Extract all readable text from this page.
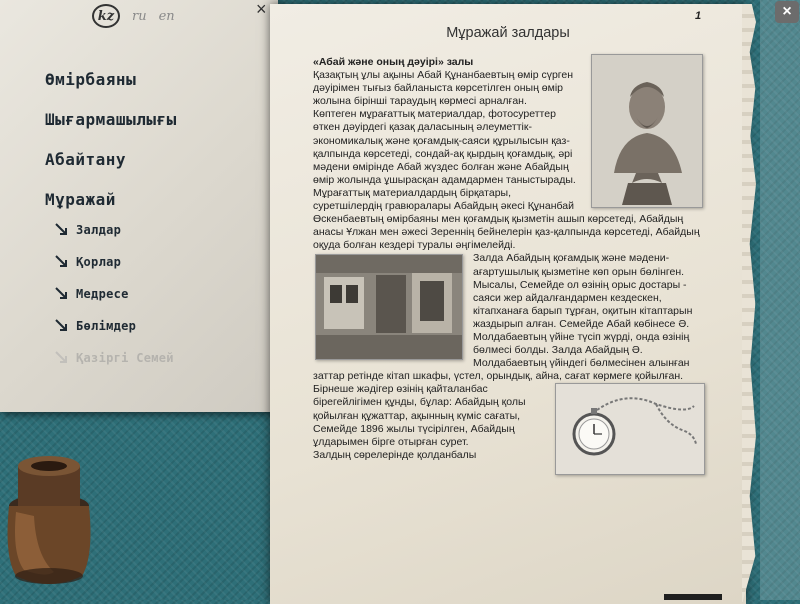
kz	ru en	×
Өмірбаяны
Шығармашылығы
Абайтану
Мұражай
Залдар
Қорлар
Медресе
Бөлімдер
Қазіргі Семей
1
Мұражай залдары
«Абай және оның дәуірі» залы

Қазақтың ұлы ақыны Абай Құнанбаевтың өмір сүрген дәуірімен тығыз байланыста көрсетілген оның өмір жолына бірінші тараудың көрмесі арналған.

Көптеген мұрағаттық материалдар, фотосуреттер өткен дәуірдегі қазақ даласының әлеуметтік-экономикалық және қоғамдық-саяси құрылысын қаз-қалпында көрсетеді, сондай-ақ қырдың қоғамдық, әрі мәдени өмірінде Абай жүздес болған және Абайдың өмір жолында ұшырасқан адамдармен таныстырады.

Мұрағаттық материалдардың бірқатары, суретшілердің гравюралары Абайдың әкесі Құнанбай Өскенбаевтың өмірбаяны мен қоғамдық қызметін ашып көрсетеді, Абайдың анасы Ұлжан мен әжесі Зереннің бейнелерін қаз-қалпында көрсетеді, Абайдың оқуда болған кездері туралы әңгімелейді.

Залда Абайдың қоғамдық және мәдени-ағартушылық қызметіне көп орын бөлінген. Мысалы, Семейде ол өзінің орыс достары - саяси жер айдалғандармен кездескен, кітапханаға барып тұрған, оқитын кітаптарын жаздырып алған. Семейде Абай көбінесе Ә. Молдабаевтың үйіне түсіп жүрді, онда өзінің бөлмесі болды. Залда Абайдың Ә. Молдабаевтың үйіндегі бөлмесінен алынған заттар ретінде кітап шкафы, үстел, орындық, айна, сағат көрмеге қойылған.

Бірнеше жәдігер өзінің қайталанбас бірегейлігімен құнды, бұлар: Абайдың қолы қойылған құжаттар, ақынның күміс сағаты, Семейде 1896 жылы түсірілген, Абайдың ұлдарымен бірге отырған сурет.

Залдың сөрелерінде қолданбалы

×
